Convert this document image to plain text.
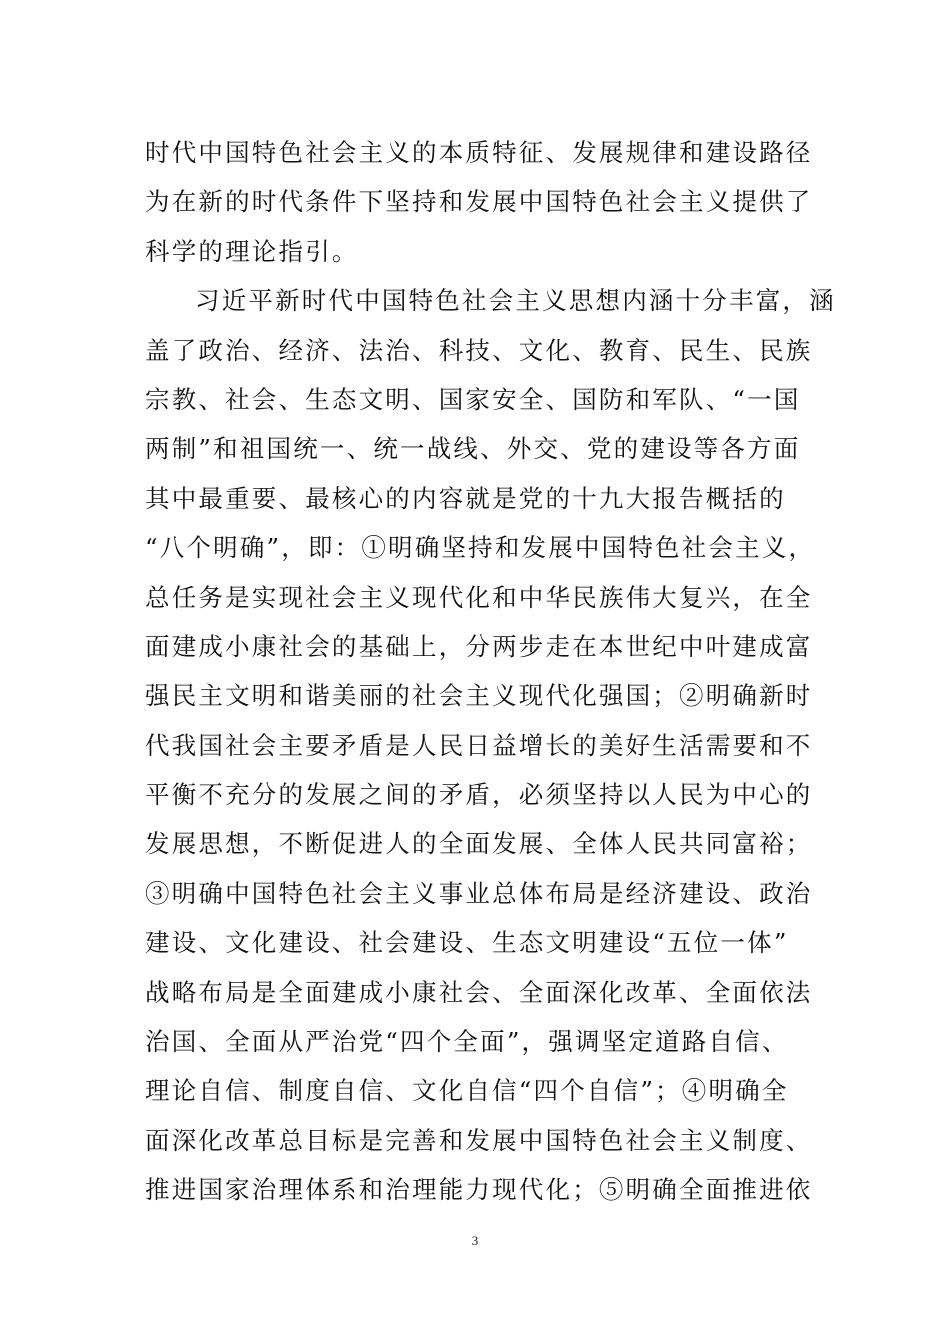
时代中国特色社会主义的本质特征、发展规律和建设路径
为在新的时代条件下坚持和发展中国特色社会主义提供了
科学的理论指引。
习近平新时代中国特色社会主义思想内涵十分丰富，涵
盖了政治、经济、法治、科技、文化、教育、民生、民族
宗教、社会、生态文明、国家安全、国防和军队、“一国
两制”和祖国统一、统一战线、外交、党的建设等各方面
其中最重要、最核心的内容就是党的十九大报告概括的
“八个明确”，即：①明确坚持和发展中国特色社会主义，
总任务是实现社会主义现代化和中华民族伟大复兴，在全
面建成小康社会的基础上，分两步走在本世纪中叶建成富
强民主文明和谐美丽的社会主义现代化强国；②明确新时
代我国社会主要矛盾是人民日益增长的美好生活需要和不
平衡不充分的发展之间的矛盾，必须坚持以人民为中心的
发展思想，不断促进人的全面发展、全体人民共同富裕；
③明确中国特色社会主义事业总体布局是经济建设、政治
建设、文化建设、社会建设、生态文明建设“五位一体”
战略布局是全面建成小康社会、全面深化改革、全面依法
治国、全面从严治党“四个全面”，强调坚定道路自信、
理论自信、制度自信、文化自信“四个自信”；④明确全
面深化改革总目标是完善和发展中国特色社会主义制度、
推进国家治理体系和治理能力现代化；⑤明确全面推进依
3
